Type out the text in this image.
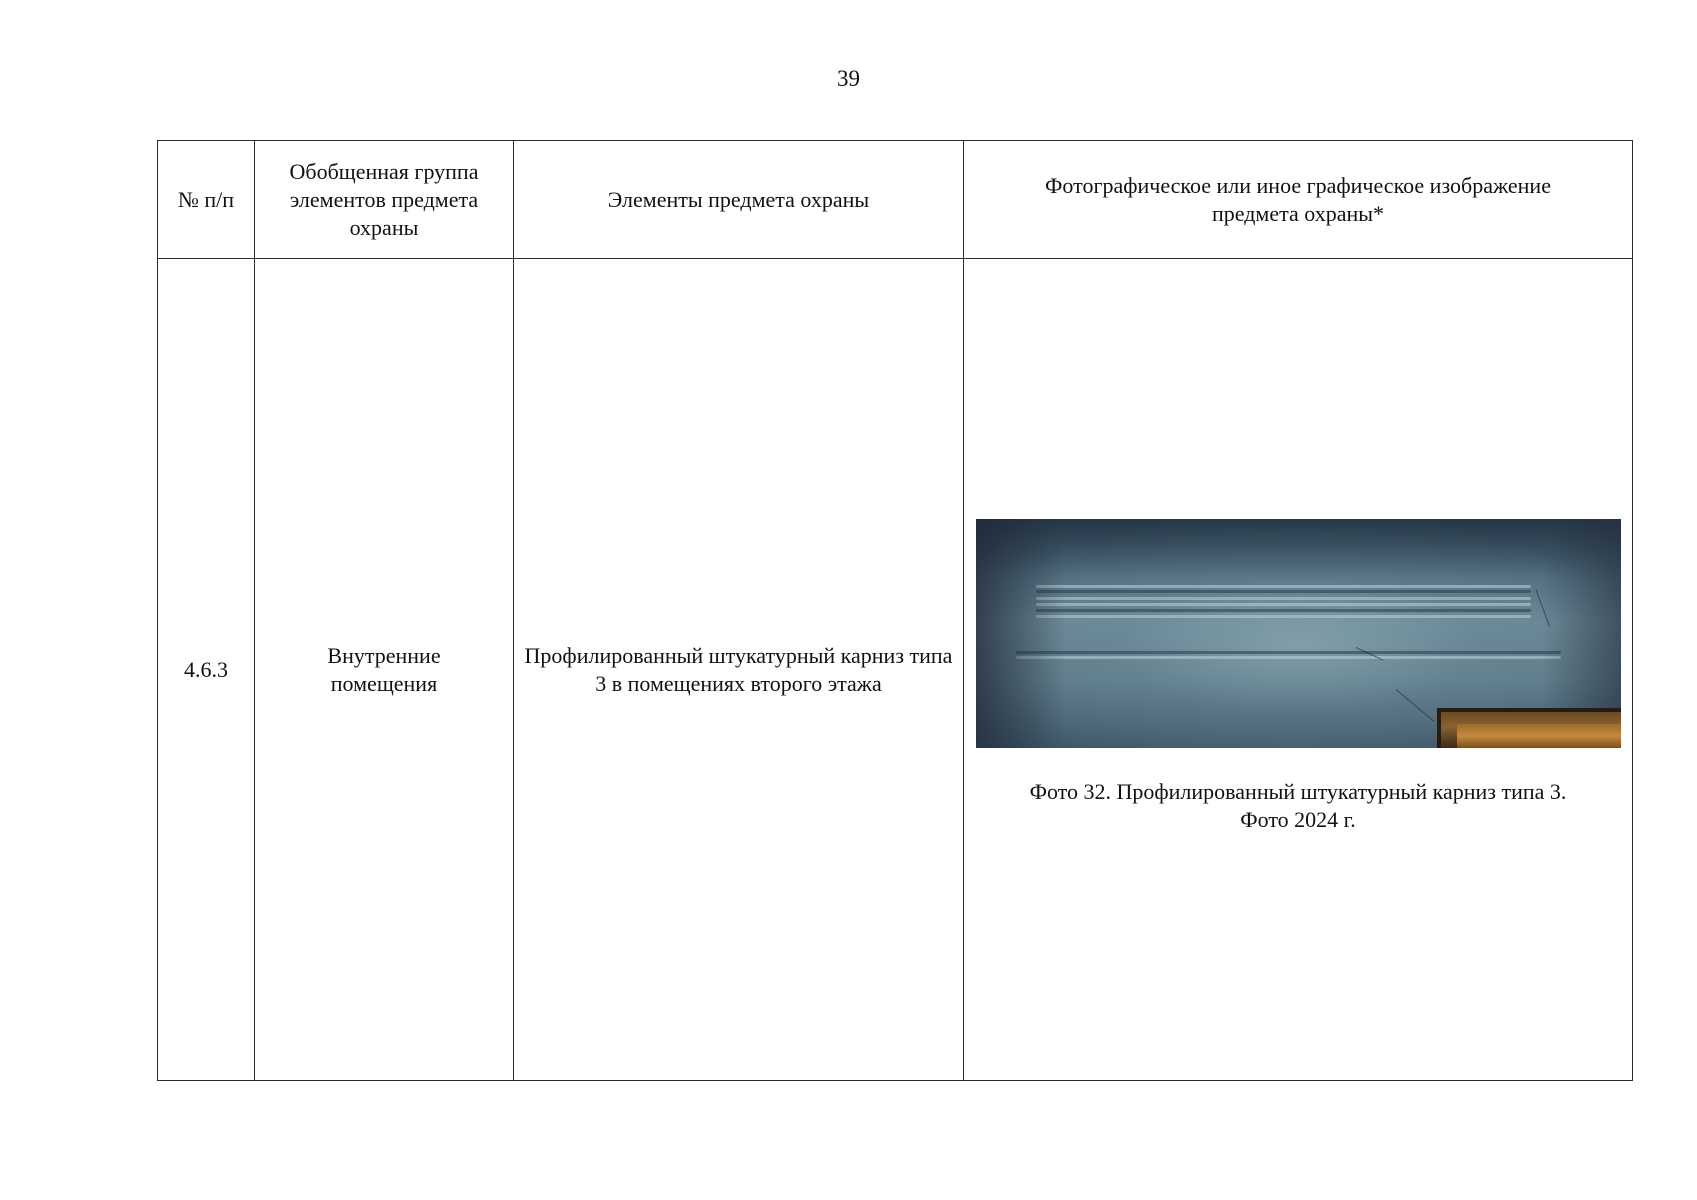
39
№ п/п	Обобщенная группа элементов предмета охраны	Элементы предмета охраны	Фотографическое или иное графическое изображение предмета охраны*

4.6.3	Внутренние помещения	Профилированный штукатурный карниз типа 3 в помещениях второго этажа	Фото 32. Профилированный штукатурный карниз типа 3.
Фото 2024 г.
